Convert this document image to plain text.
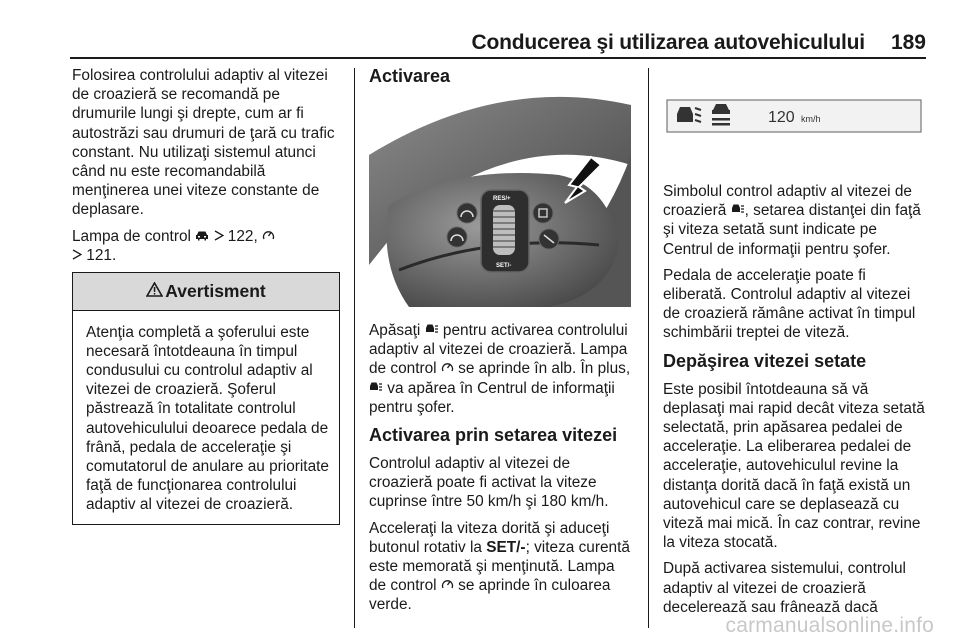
Conducerea şi utilizarea autovehiculului 189

Folosirea controlului adaptiv al vitezei de croazieră se recomandă pe drumurile lungi şi drepte, cum ar fi autostrăzi sau drumuri de ţară cu trafic constant. Nu utilizaţi sistemul atunci când nu este recomandabilă menţinerea unei viteze constante de deplasare.

Lampa de control 122,
121.

Avertisment
Atenţia completă a şoferului este necesară întotdeauna în timpul condusului cu controlul adaptiv al vitezei de croazieră. Şoferul păstrează în totalitate controlul autovehiculului deoarece pedala de frână, pedala de acceleraţie şi comutatorul de anulare au prioritate faţă de funcţionarea controlului adaptiv al vitezei de croazieră.
Activarea
RES/+
SET/-

Apăsaţi pentru activarea controlului adaptiv al vitezei de croazieră. Lampa de control se aprinde în alb. În plus,  va apărea în Centrul de informaţii pentru şofer.

Activarea prin setarea vitezei

Controlul adaptiv al vitezei de croazieră poate fi activat la viteze cuprinse între 50 km/h şi 180 km/h.

Acceleraţi la viteza dorită şi aduceţi butonul rotativ la SET/-; viteza curentă este memorată şi menţinută. Lampa de control se aprinde în culoarea verde.

120 km/h

Simbolul control adaptiv al vitezei de croazieră , setarea distanţei din faţă şi viteza setată sunt indicate pe Centrul de informaţii pentru şofer.

Pedala de acceleraţie poate fi eliberată. Controlul adaptiv al vitezei de croazieră rămâne activat în timpul schimbării treptei de viteză.

Depăşirea vitezei setate

Este posibil întotdeauna să vă deplasaţi mai rapid decât viteza setată selectată, prin apăsarea pedalei de acceleraţie. La eliberarea pedalei de acceleraţie, autovehiculul revine la distanţa dorită dacă în faţă există un autovehicul care se deplasează cu viteză mai mică. În caz contrar, revine la viteza stocată.

După activarea sistemului, controlul adaptiv al vitezei de croazieră decelerează sau frânează dacă

carmanualsonline.info
